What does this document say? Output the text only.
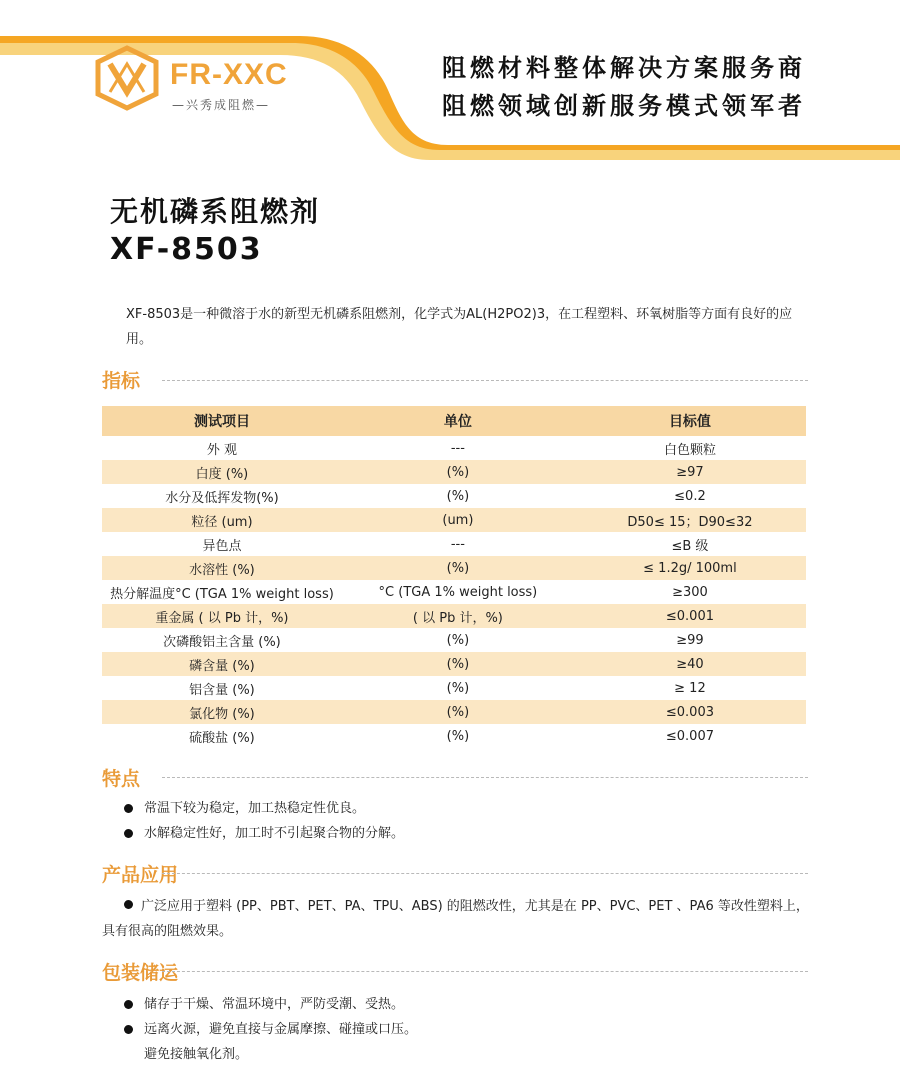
FR-XXC
—兴秀成阻燃—
阻燃材料整体解决方案服务商
阻燃领域创新服务模式领军者
无机磷系阻燃剂
XF-8503
XF-8503是一种微溶于水的新型无机磷系阻燃剂，化学式为AL(H2PO2)3，在工程塑料、环氧树脂等方面有良好的应用。
指标
测试项目	单位	目标值
外 观	---	白色颗粒
白度 (%)	(%)	≥97
水分及低挥发物(%)	(%)	≤0.2
粒径 (um)	(um)	D50≤ 15；D90≤32
异色点	---	≤B 级
水溶性 (%)	(%)	≤ 1.2g/ 100ml
热分解温度°C (TGA 1% weight loss)	°C (TGA 1% weight loss)	≥300
重金属 ( 以 Pb 计，%)	( 以 Pb 计，%)	≤0.001
次磷酸铝主含量 (%)	(%)	≥99
磷含量 (%)	(%)	≥40
铝含量 (%)	(%)	≥ 12
氯化物 (%)	(%)	≤0.003
硫酸盐 (%)	(%)	≤0.007
特点
常温下较为稳定，加工热稳定性优良。
水解稳定性好，加工时不引起聚合物的分解。
产品应用
广泛应用于塑料 (PP、PBT、PET、PA、TPU、ABS) 的阻燃改性，尤其是在 PP、PVC、PET 、PA6 等改性塑料上，具有很高的阻燃效果。
包装储运
储存于干燥、常温环境中，严防受潮、受热。
远离火源，避免直接与金属摩擦、碰撞或口压。
避免接触氧化剂。
